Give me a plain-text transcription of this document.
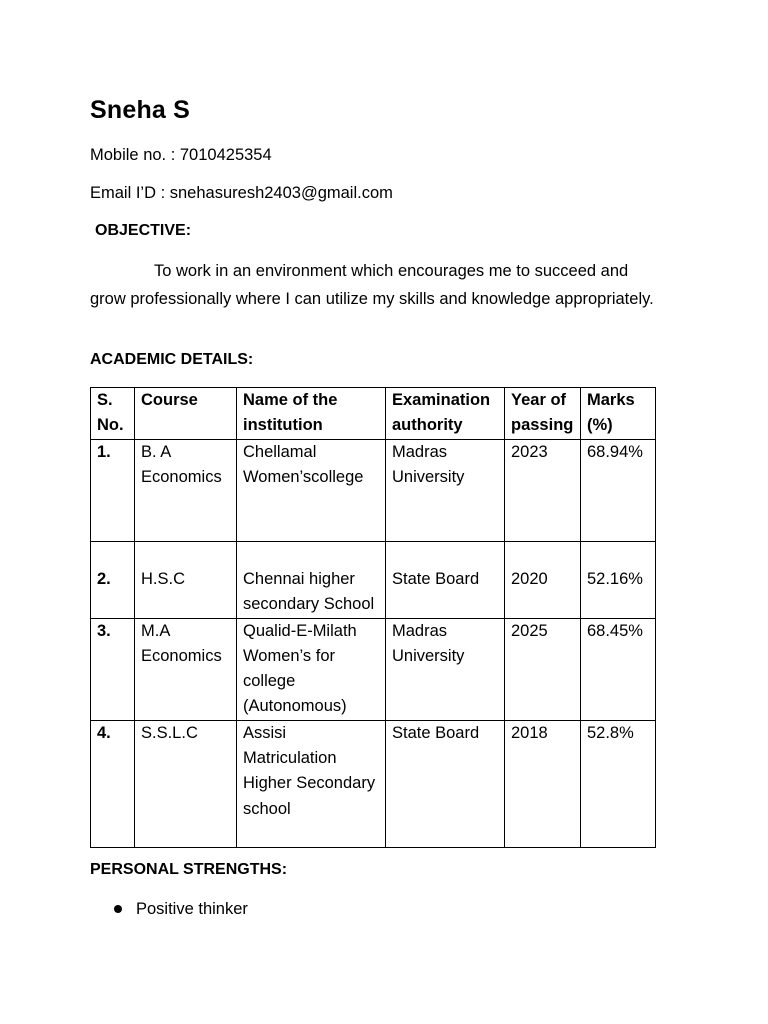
Sneha S
Mobile no. : 7010425354
Email I’D : snehasuresh2403@gmail.com
OBJECTIVE:
To work in an environment which encourages me to succeed and grow professionally where I can utilize my skills and knowledge appropriately.
ACADEMIC DETAILS:
S. No.	Course	Name of the institution	Examination authority	Year of passing	Marks (%)
1.	B. A Economics	Chellamal Women’scollege	Madras University	2023	68.94%

2.	H.S.C	Chennai higher secondary School	State Board	2020	52.16%

3.	M.A Economics	Qualid-E-Milath Women’s for college (Autonomous)	Madras University	2025	68.45%
4.	S.S.L.C	Assisi Matriculation Higher Secondary school	State Board	2018	52.8%
PERSONAL STRENGTHS:
Positive thinker
